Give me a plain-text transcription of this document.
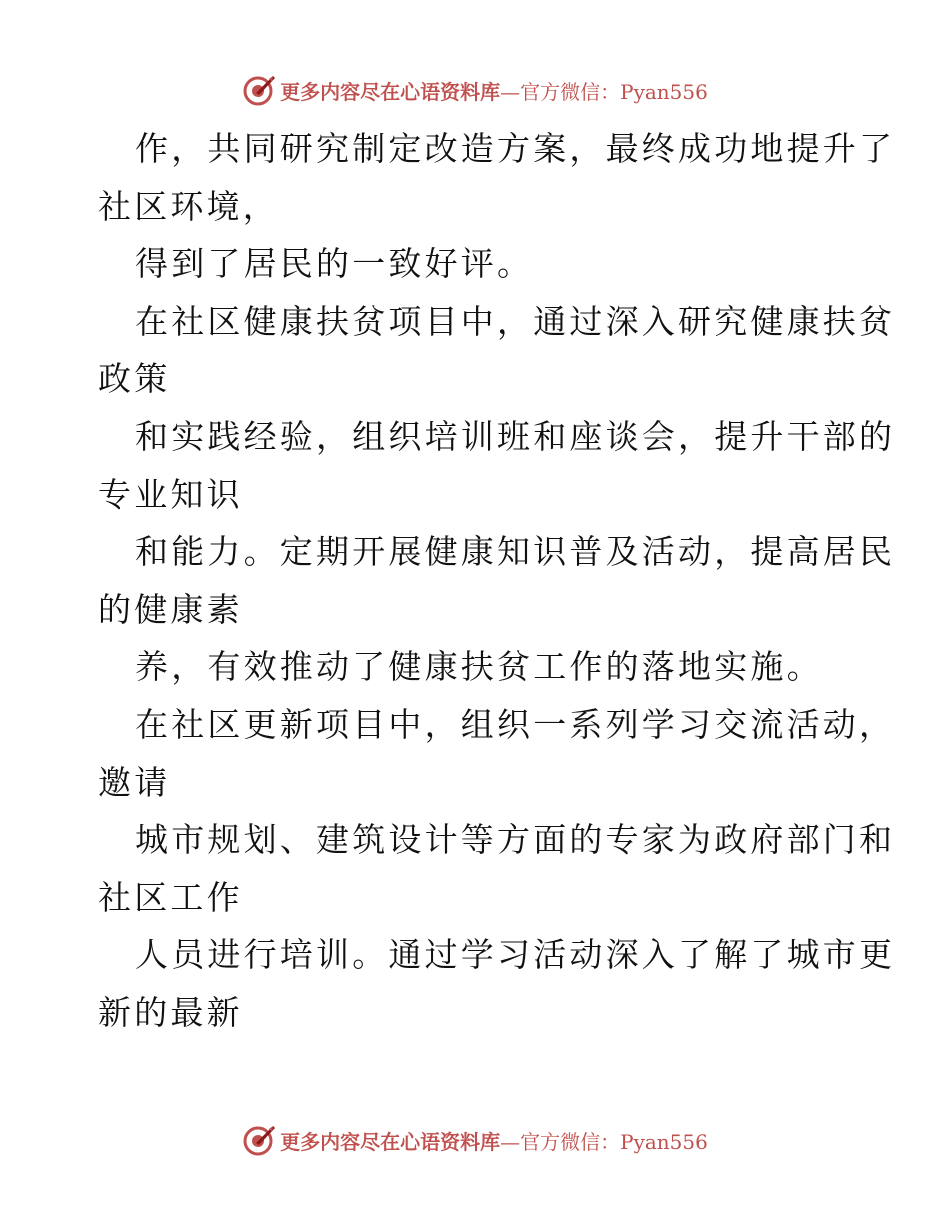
更多内容尽在心语资料库—官方微信：Pyan556
作，共同研究制定改造方案，最终成功地提升了
社区环境，
得到了居民的一致好评。
在社区健康扶贫项目中，通过深入研究健康扶贫
政策
和实践经验，组织培训班和座谈会，提升干部的
专业知识
和能力。定期开展健康知识普及活动，提高居民
的健康素
养，有效推动了健康扶贫工作的落地实施。
在社区更新项目中，组织一系列学习交流活动，
邀请
城市规划、建筑设计等方面的专家为政府部门和
社区工作
人员进行培训。通过学习活动深入了解了城市更
新的最新
更多内容尽在心语资料库—官方微信：Pyan556
